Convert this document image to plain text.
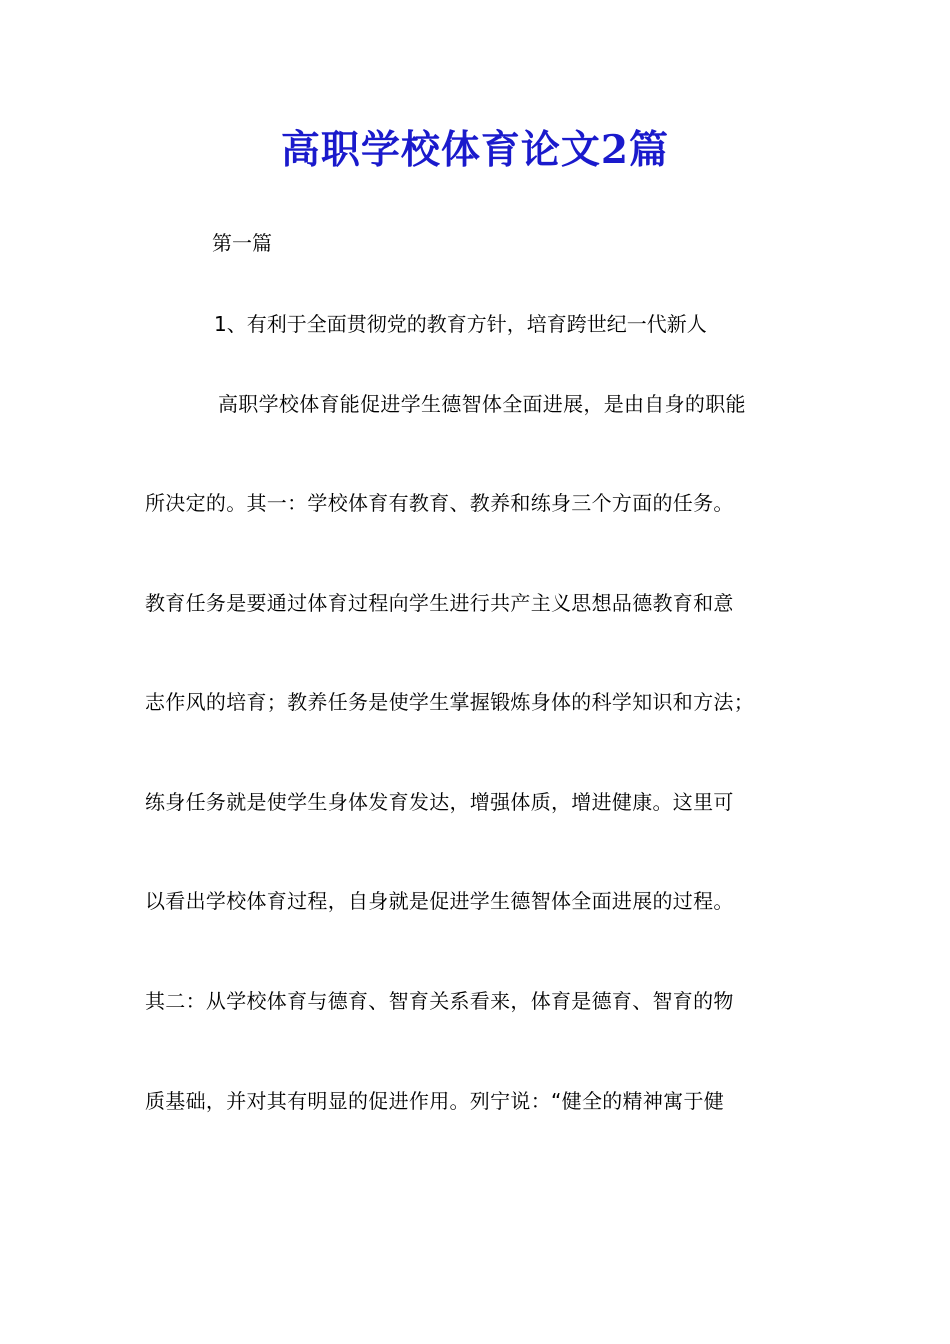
高职学校体育论文2篇
第一篇
1、有利于全面贯彻党的教育方针，培育跨世纪一代新人
高职学校体育能促进学生德智体全面进展，是由自身的职能
所决定的。其一：学校体育有教育、教养和练身三个方面的任务。
教育任务是要通过体育过程向学生进行共产主义思想品德教育和意
志作风的培育；教养任务是使学生掌握锻炼身体的科学知识和方法；
练身任务就是使学生身体发育发达，增强体质，增进健康。这里可
以看出学校体育过程，自身就是促进学生德智体全面进展的过程。
其二：从学校体育与德育、智育关系看来，体育是德育、智育的物
质基础，并对其有明显的促进作用。列宁说：“健全的精神寓于健
